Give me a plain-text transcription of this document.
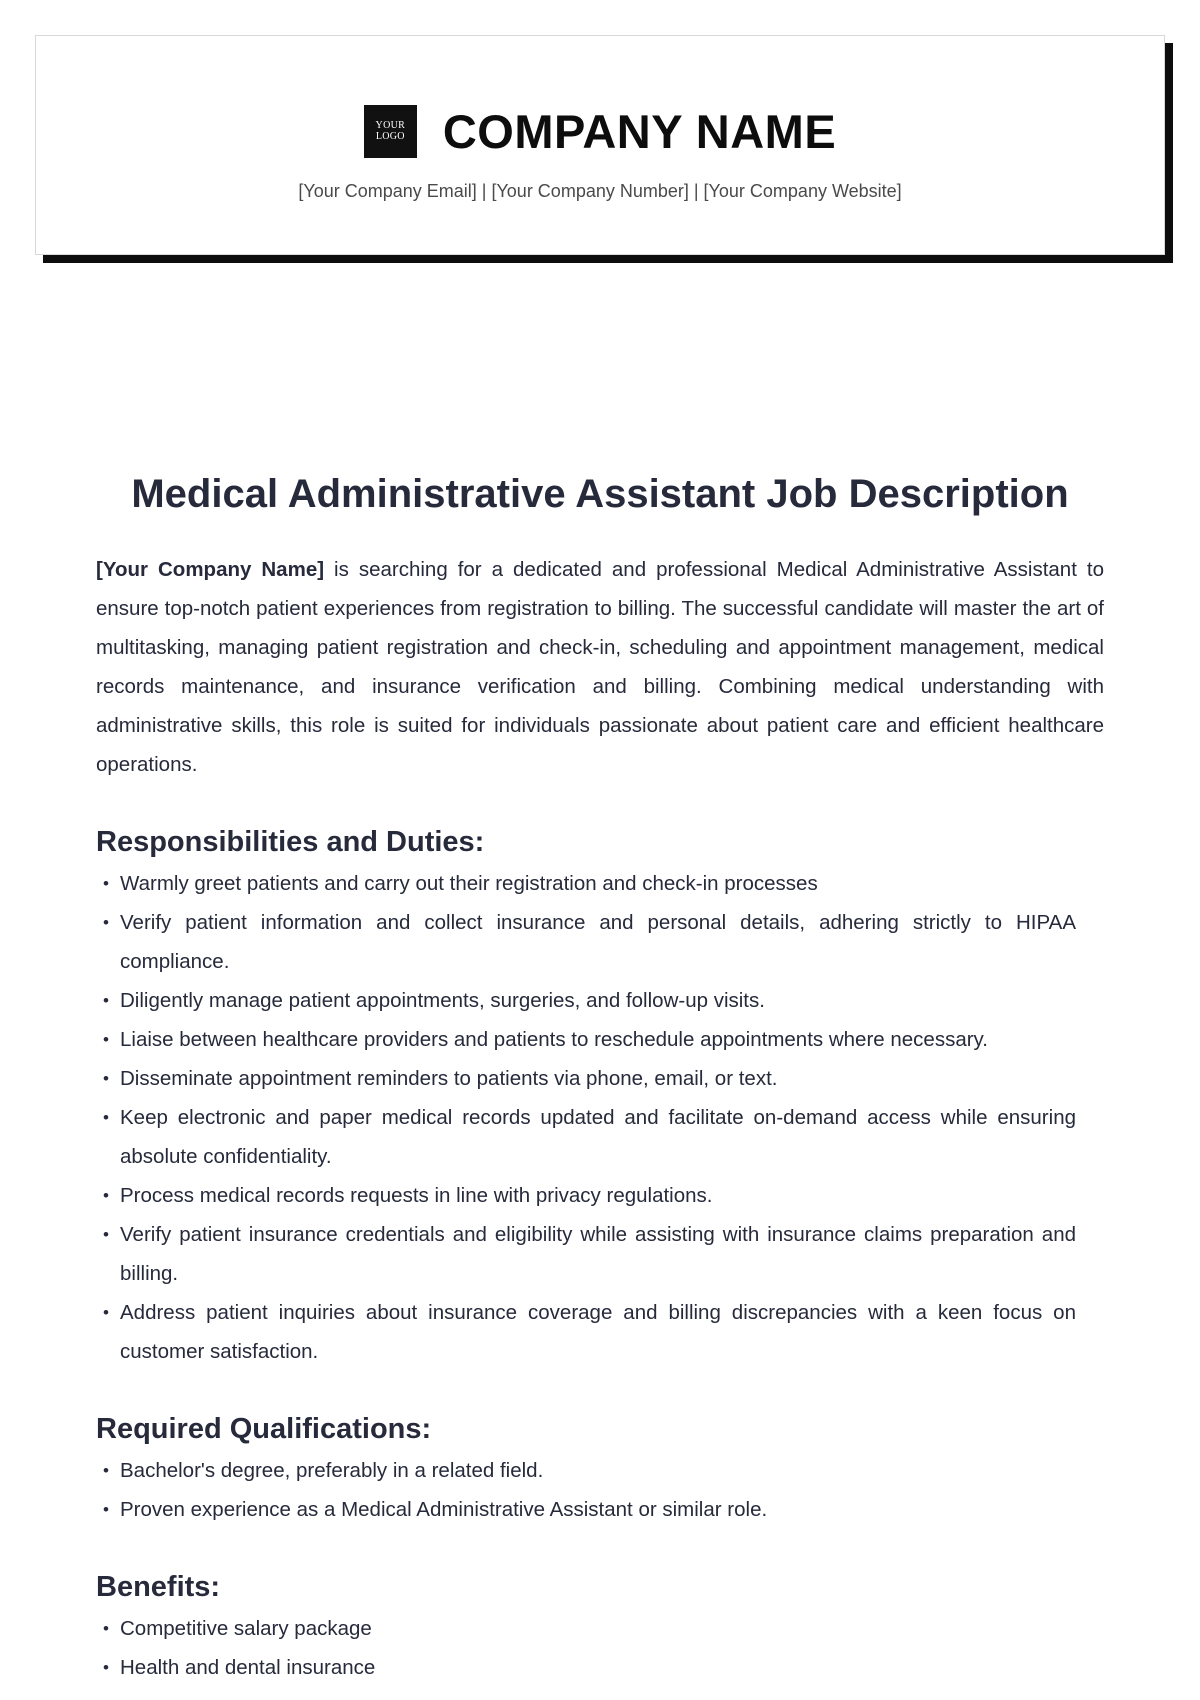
YOUR
LOGO COMPANY NAME
[Your Company Email] | [Your Company Number] | [Your Company Website]
Medical Administrative Assistant Job Description

[Your Company Name] is searching for a dedicated and professional Medical Administrative Assistant to ensure top-notch patient experiences from registration to billing. The successful candidate will master the art of multitasking, managing patient registration and check-in, scheduling and appointment management, medical records maintenance, and insurance verification and billing. Combining medical understanding with administrative skills, this role is suited for individuals passionate about patient care and efficient healthcare operations.

Responsibilities and Duties:
• Warmly greet patients and carry out their registration and check-in processes
• Verify patient information and collect insurance and personal details, adhering strictly to HIPAA compliance.
• Diligently manage patient appointments, surgeries, and follow-up visits.
• Liaise between healthcare providers and patients to reschedule appointments where necessary.
• Disseminate appointment reminders to patients via phone, email, or text.
• Keep electronic and paper medical records updated and facilitate on-demand access while ensuring absolute confidentiality.
• Process medical records requests in line with privacy regulations.
• Verify patient insurance credentials and eligibility while assisting with insurance claims preparation and billing.
• Address patient inquiries about insurance coverage and billing discrepancies with a keen focus on customer satisfaction.
Required Qualifications:
• Bachelor's degree, preferably in a related field.
• Proven experience as a Medical Administrative Assistant or similar role.
Benefits:
• Competitive salary package
• Health and dental insurance
